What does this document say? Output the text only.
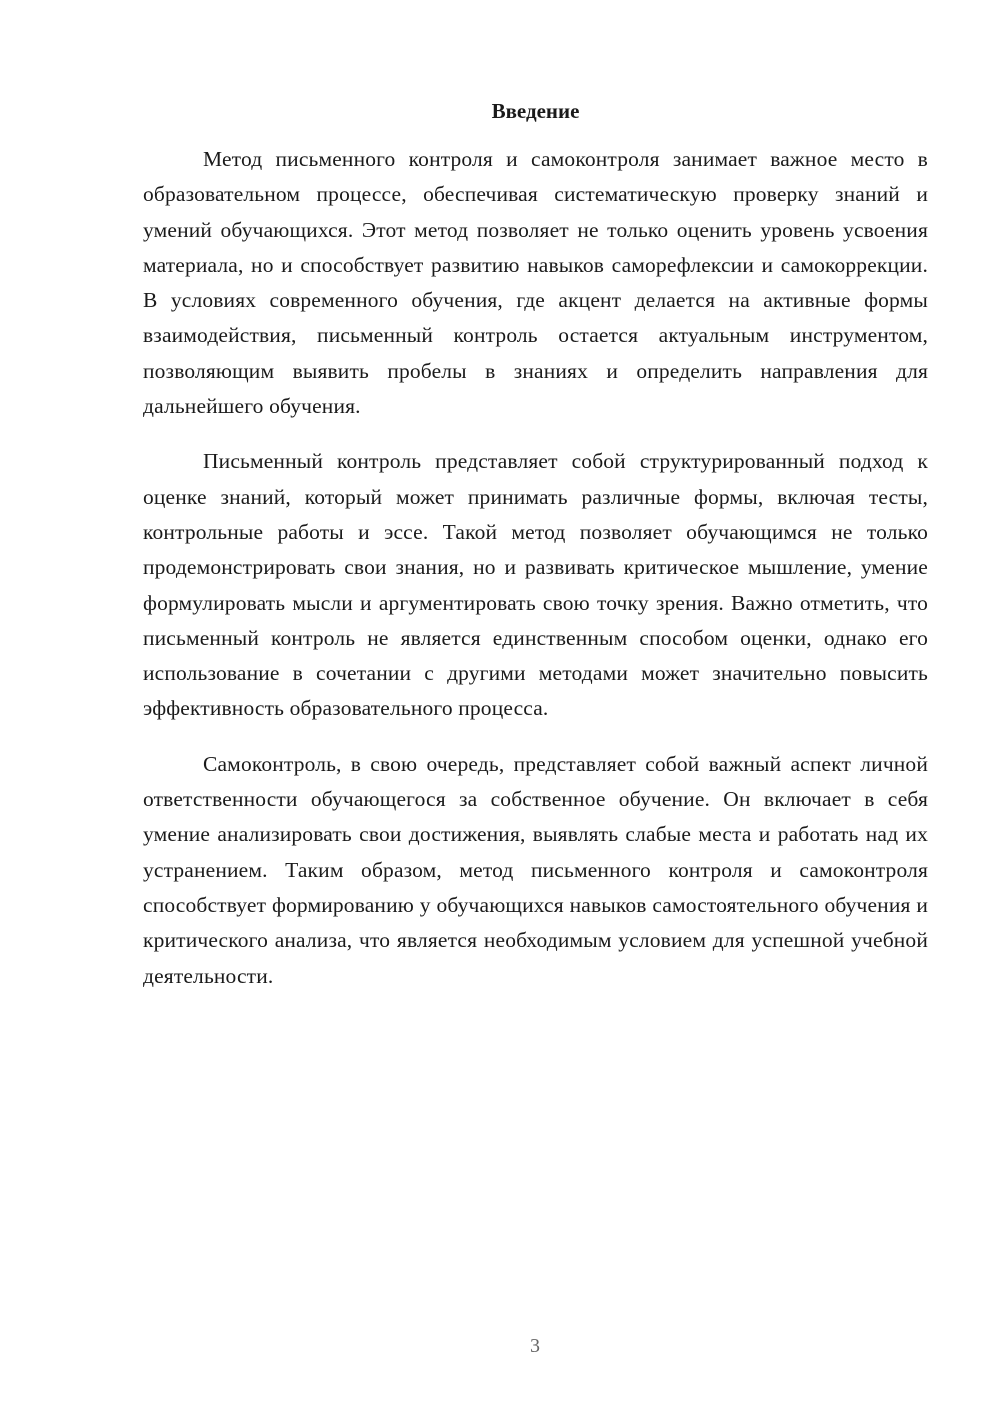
Введение

Метод письменного контроля и самоконтроля занимает важное место в образовательном процессе, обеспечивая систематическую проверку знаний и умений обучающихся. Этот метод позволяет не только оценить уровень усвоения материала, но и способствует развитию навыков саморефлексии и самокоррекции. В условиях современного обучения, где акцент делается на активные формы взаимодействия, письменный контроль остается актуальным инструментом, позволяющим выявить пробелы в знаниях и определить направления для дальнейшего обучения.

Письменный контроль представляет собой структурированный подход к оценке знаний, который может принимать различные формы, включая тесты, контрольные работы и эссе. Такой метод позволяет обучающимся не только продемонстрировать свои знания, но и развивать критическое мышление, умение формулировать мысли и аргументировать свою точку зрения. Важно отметить, что письменный контроль не является единственным способом оценки, однако его использование в сочетании с другими методами может значительно повысить эффективность образовательного процесса.

Самоконтроль, в свою очередь, представляет собой важный аспект личной ответственности обучающегося за собственное обучение. Он включает в себя умение анализировать свои достижения, выявлять слабые места и работать над их устранением. Таким образом, метод письменного контроля и самоконтроля способствует формированию у обучающихся навыков самостоятельного обучения и критического анализа, что является необходимым условием для успешной учебной деятельности.

3
